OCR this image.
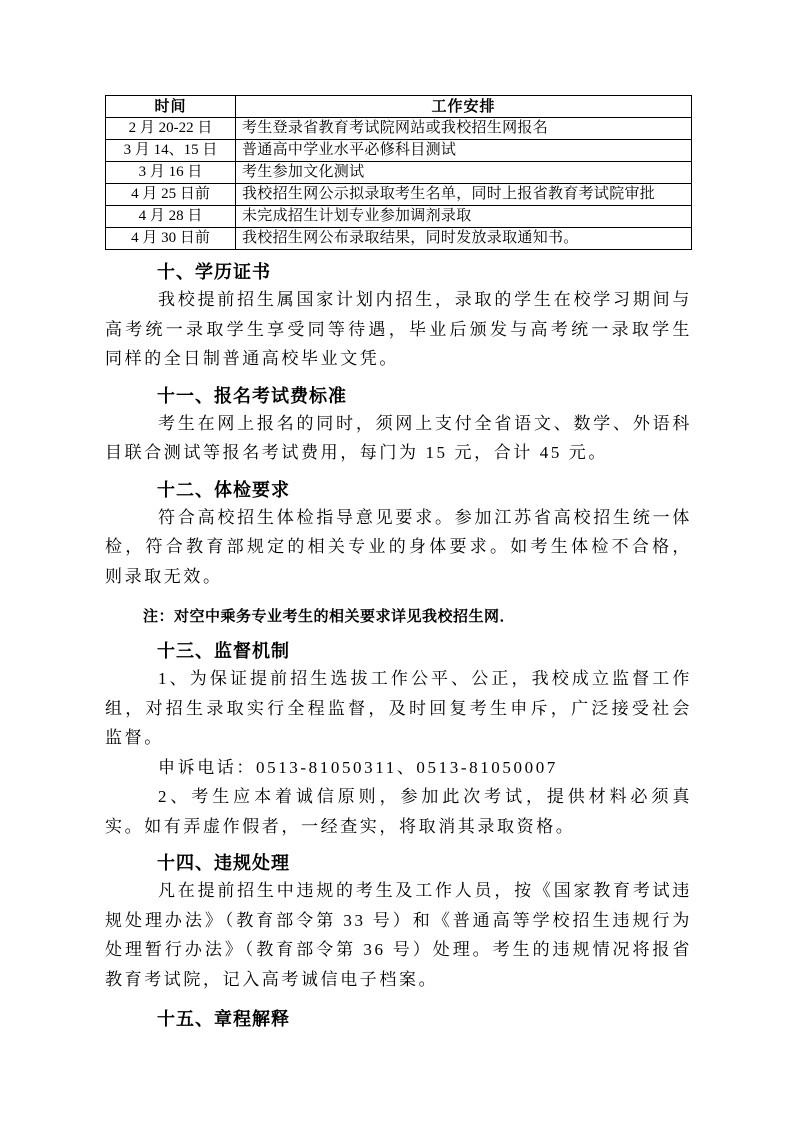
时间	工作安排
2 月 20-22 日	考生登录省教育考试院网站或我校招生网报名
3 月 14、15 日	普通高中学业水平必修科目测试
3 月 16 日	考生参加文化测试
4 月 25 日前	我校招生网公示拟录取考生名单，同时上报省教育考试院审批
4 月 28 日	未完成招生计划专业参加调剂录取
4 月 30 日前	我校招生网公布录取结果，同时发放录取通知书。
十、学历证书

我校提前招生属国家计划内招生，录取的学生在校学习期间与高考统一录取学生享受同等待遇，毕业后颁发与高考统一录取学生同样的全日制普通高校毕业文凭。

十一、报名考试费标准

考生在网上报名的同时，须网上支付全省语文、数学、外语科目联合测试等报名考试费用，每门为 15 元，合计 45 元。

十二、体检要求

符合高校招生体检指导意见要求。参加江苏省高校招生统一体检，符合教育部规定的相关专业的身体要求。如考生体检不合格，则录取无效。

注：对空中乘务专业考生的相关要求详见我校招生网．

十三、监督机制

1、为保证提前招生选拔工作公平、公正，我校成立监督工作组，对招生录取实行全程监督，及时回复考生申斥，广泛接受社会监督。

申诉电话：0513-81050311、0513-81050007

2、考生应本着诚信原则，参加此次考试，提供材料必须真实。如有弄虚作假者，一经查实，将取消其录取资格。

十四、违规处理

凡在提前招生中违规的考生及工作人员，按《国家教育考试违规处理办法》（教育部令第 33 号）和《普通高等学校招生违规行为处理暂行办法》（教育部令第 36 号）处理。考生的违规情况将报省教育考试院，记入高考诚信电子档案。

十五、章程解释
